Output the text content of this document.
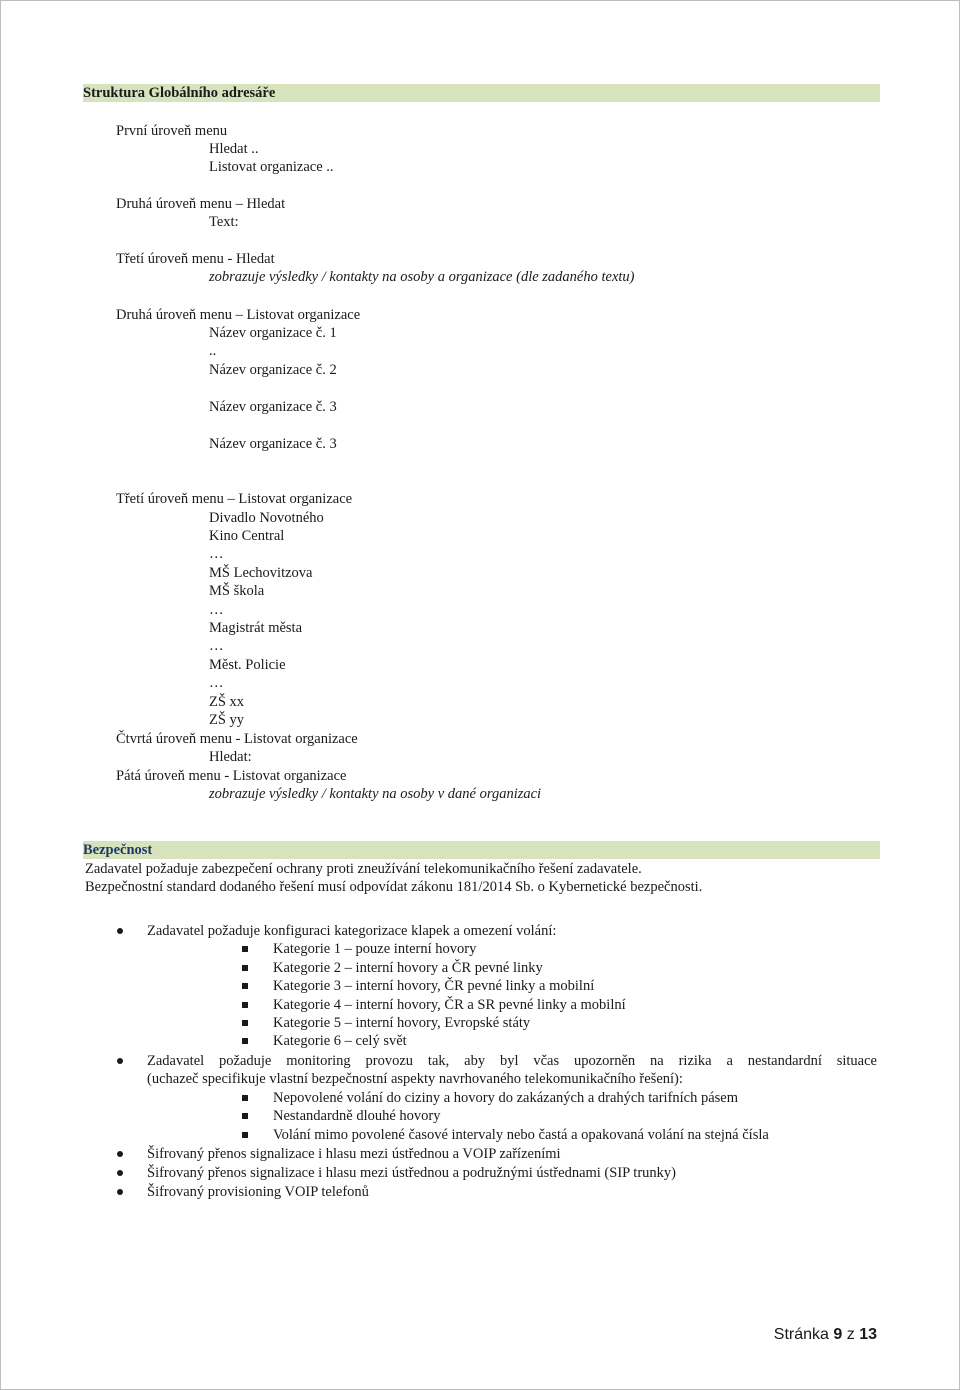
Struktura Globálního adresáře
První úroveň menu
Hledat ..
Listovat organizace ..
Druhá úroveň menu – Hledat
Text:
Třetí úroveň menu - Hledat
zobrazuje výsledky / kontakty na osoby a organizace (dle zadaného textu)
Druhá úroveň menu – Listovat organizace
Název organizace č. 1
..
Název organizace č. 2
Název organizace č. 3
Název organizace č. 3
Třetí úroveň menu – Listovat organizace
Divadlo Novotného
Kino Central
…
MŠ Lechovitzova
MŠ škola
…
Magistrát města
…
Měst. Policie
…
ZŠ xx
ZŠ yy
Čtvrtá úroveň menu - Listovat organizace
Hledat:
Pátá úroveň menu - Listovat organizace
zobrazuje výsledky / kontakty na osoby v dané organizaci
Bezpečnost
Zadavatel požaduje zabezpečení ochrany proti zneužívání telekomunikačního řešení zadavatele.
Bezpečnostní standard dodaného řešení musí odpovídat zákonu 181/2014 Sb. o Kybernetické bezpečnosti.
Zadavatel požaduje konfiguraci kategorizace klapek a omezení volání:
Kategorie 1 – pouze interní hovory
Kategorie 2 – interní hovory a ČR pevné linky
Kategorie 3 – interní hovory, ČR pevné linky a mobilní
Kategorie 4 – interní hovory, ČR a SR pevné linky a mobilní
Kategorie 5 – interní hovory, Evropské státy
Kategorie 6 – celý svět
Zadavatel požaduje monitoring provozu tak, aby byl včas upozorněn na rizika a nestandardní situace
(uchazeč specifikuje vlastní bezpečnostní aspekty navrhovaného telekomunikačního řešení):
Nepovolené volání do ciziny a hovory do zakázaných a drahých tarifních pásem
Nestandardně dlouhé hovory
Volání mimo povolené časové intervaly nebo častá a opakovaná volání na stejná čísla
Šifrovaný přenos signalizace i hlasu mezi ústřednou a VOIP zařízeními
Šifrovaný přenos signalizace i hlasu mezi ústřednou a podružnými ústřednami (SIP trunky)
Šifrovaný provisioning VOIP telefonů
Stránka 9 z 13
